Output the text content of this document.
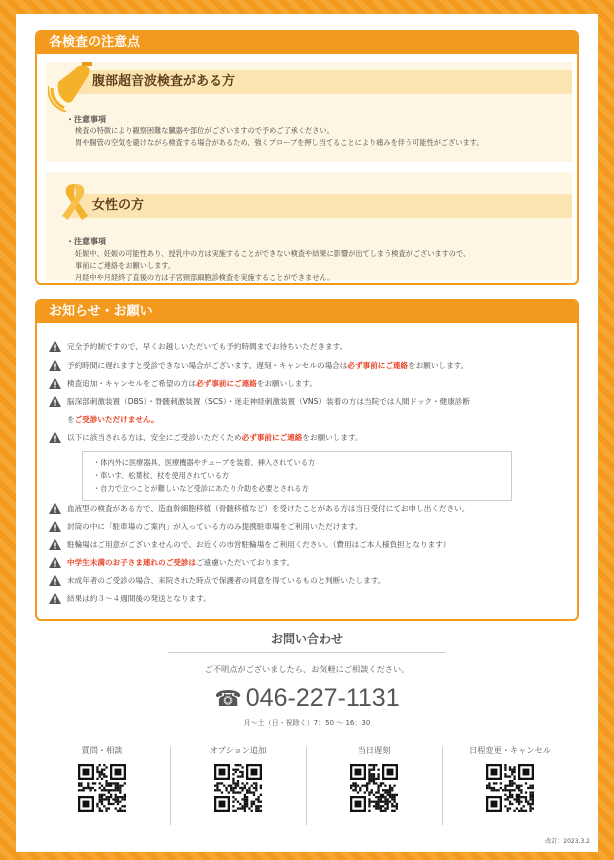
各検査の注意点
腹部超音波検査がある方
・注意事項
検査の特徴により観察困難な臓器や部位がございますので予めご了承ください。
胃や腸管の空気を避けながら検査する場合があるため、強くプローブを押し当てることにより痛みを伴う可能性がございます。
女性の方
・注意事項
妊娠中、妊娠の可能性あり、授乳中の方は実施することができない検査や結果に影響が出てしまう検査がございますので、
事前にご連絡をお願いします。
月経中や月経終了直後の方は子宮頸部細胞診検査を実施することができません。
お知らせ・お願い
完全予約制ですので、早くお越しいただいても予約時間までお待ちいただきます。
予約時間に遅れますと受診できない場合がございます。遅刻・キャンセルの場合は 必ず事前にご連絡 をお願いします。
検査追加・キャンセルをご希望の方は 必ず事前にご連絡 をお願いします。
脳深部刺激装置（DBS）・脊髄刺激装置（SCS）・迷走神経刺激装置（VNS）装着の方は当院では人間ドック・健康診断
以下に該当される方は、安全にご受診いただくため 必ず事前にご連絡 をお願いします。
血液型の検査がある方で、造血幹細胞移植（骨髄移植など）を受けたことがある方は当日受付にてお申し出ください。
封筒の中に「駐車場のご案内」が入っている方のみ提携駐車場をご利用いただけます。
駐輪場はご用意がございませんので、お近くの市営駐輪場をご利用ください。（費用はご本人様負担となります）
中学生未満のお子さま連れのご受診は ご遠慮いただいております。
未成年者のご受診の場合、来院された時点で保護者の同意を得ているものと判断いたします。
結果は約３～４週間後の発送となります。
を ご受診いただけません。
・体内外に医療器具、医療機器やチューブを装着、挿入されている方
・車いす、松葉杖、杖を使用されている方
・自力で立つことが難しいなど受診にあたり介助を必要とされる方
お問い合わせ
ご不明点がございましたら、お気軽にご相談ください。
☎ 046-227-1131
月〜土（日・祝除く）7：50 〜 16：30
質問・相談	オプション追加	当日遅刻	日程変更・キャンセル
改訂：2023.3.2
